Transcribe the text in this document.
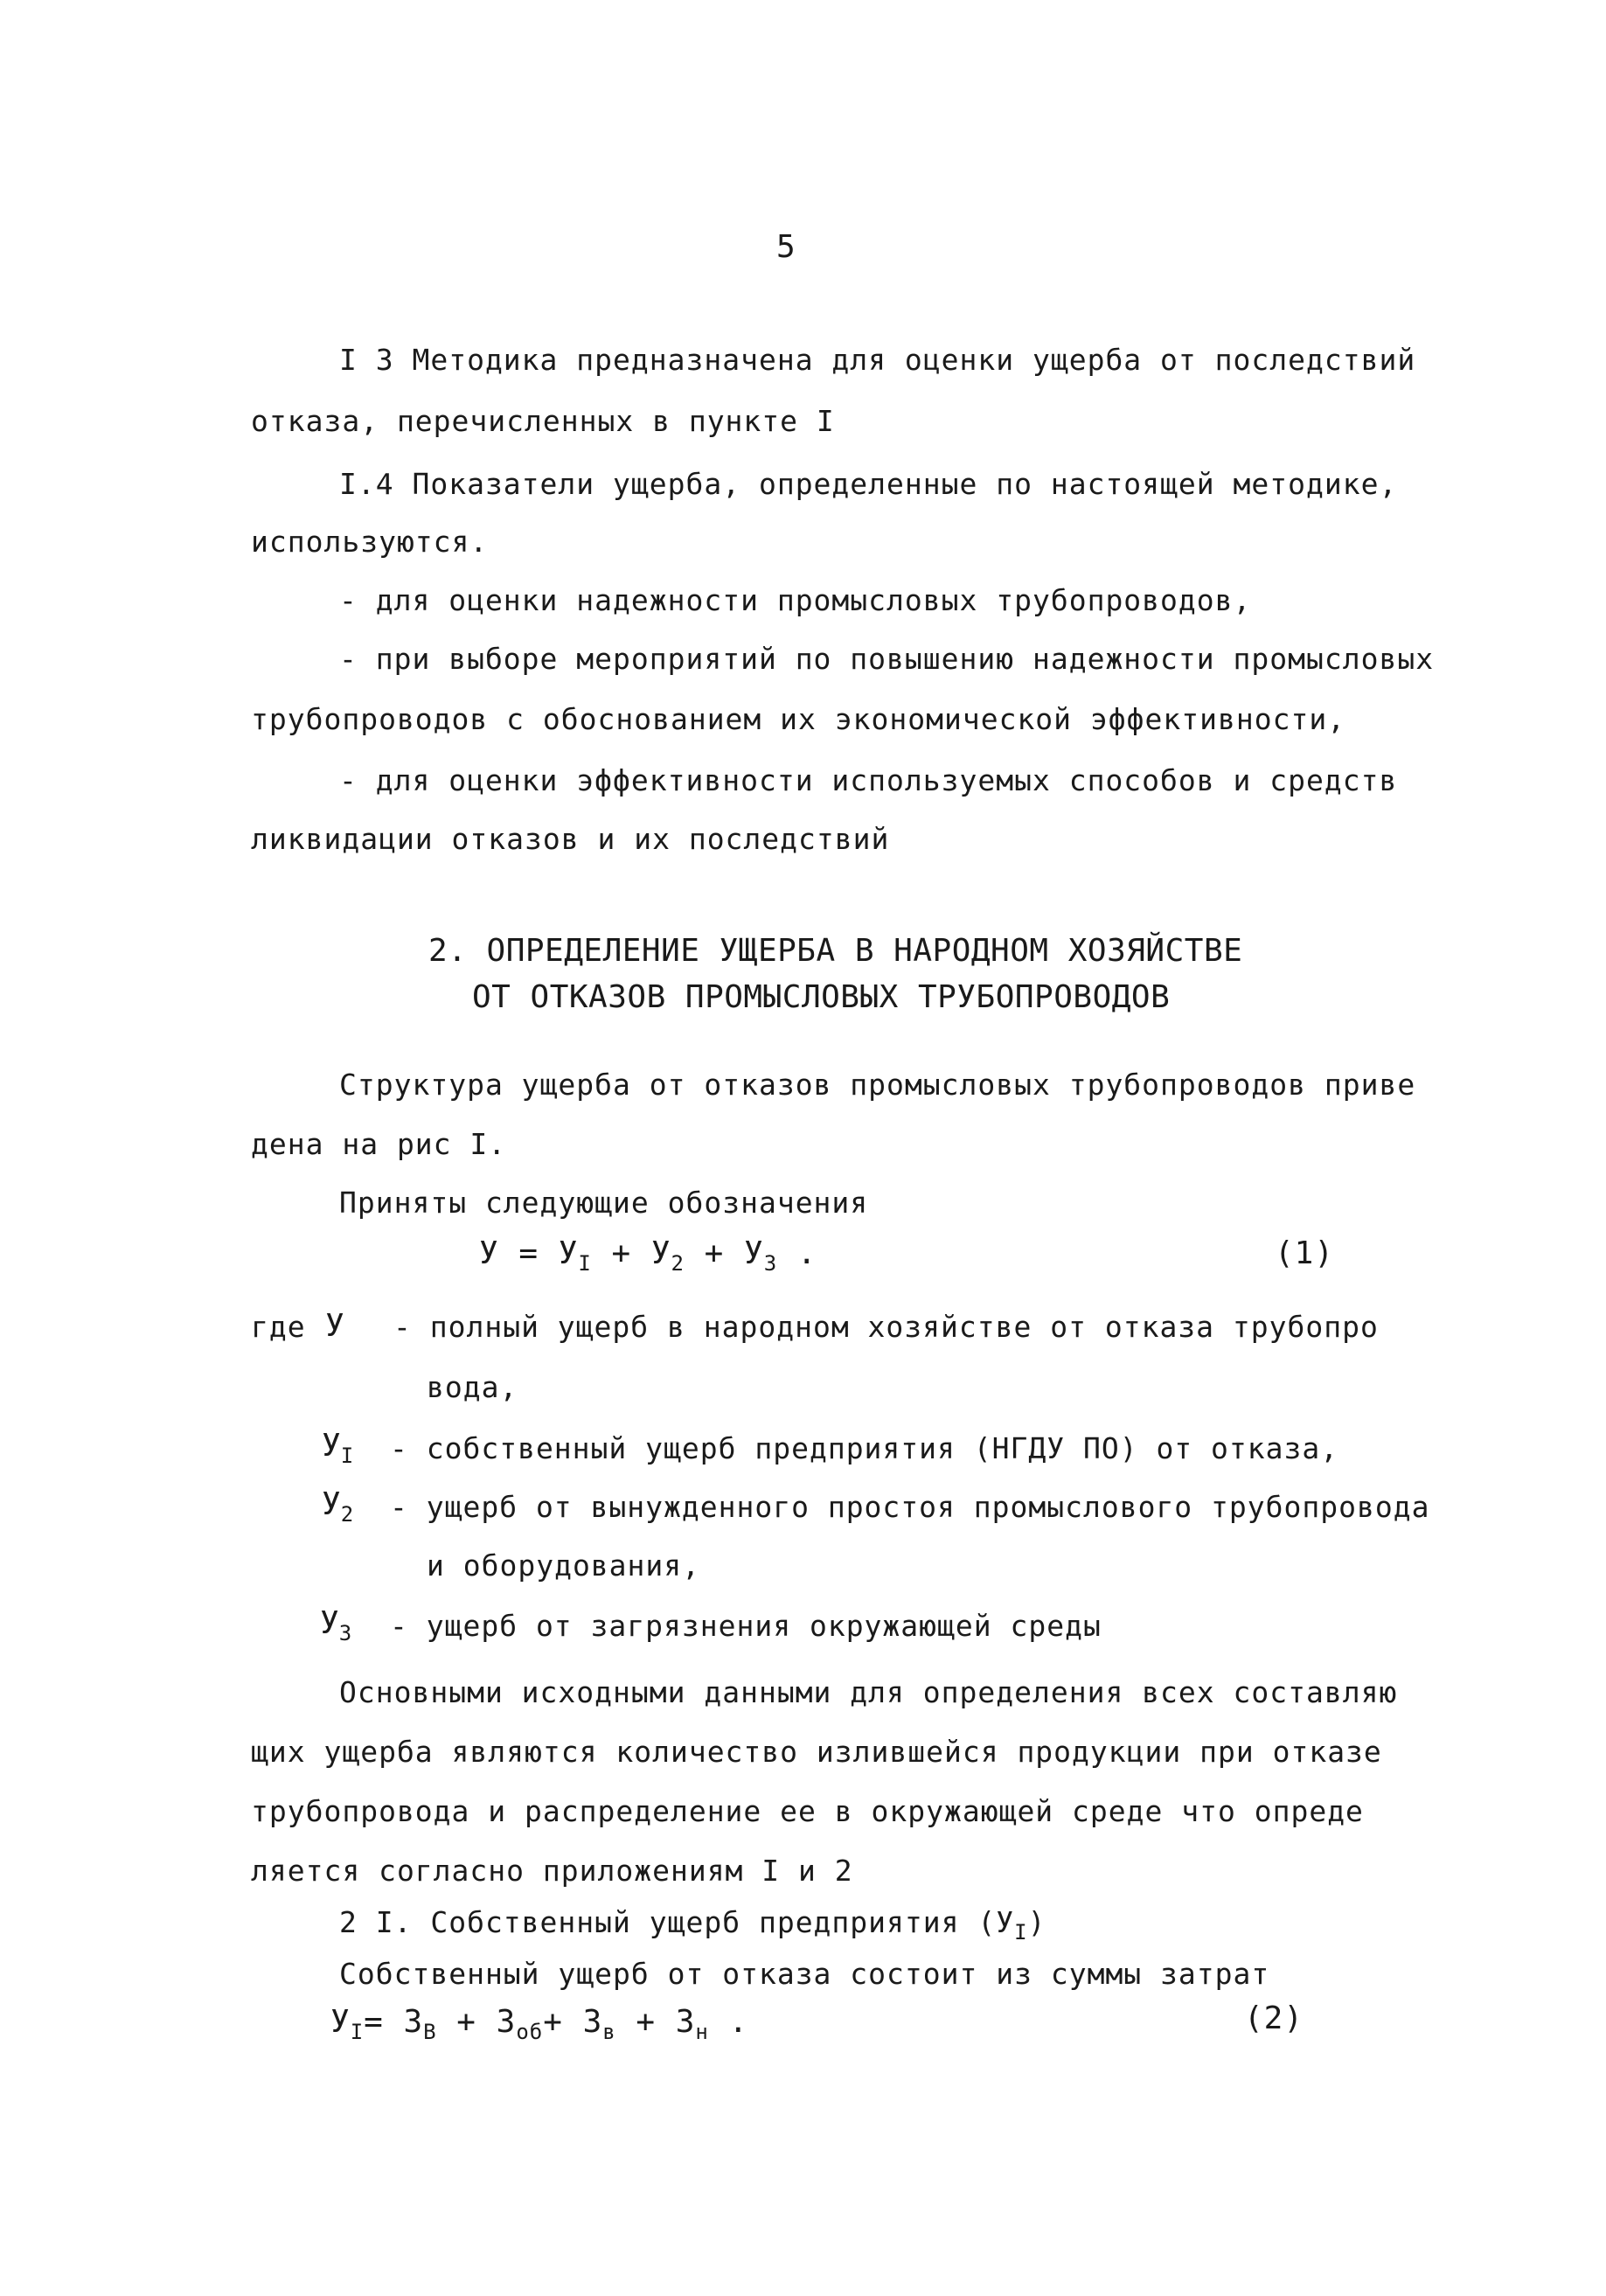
5
I 3 Методика предназначена для оценки ущерба от последствий
отказа, перечисленных в пункте I
I.4 Показатели ущерба, определенные по настоящей методике,
используются.
- для оценки надежности промысловых трубопроводов,
- при выборе мероприятий по повышению надежности промысловых
трубопроводов с обоснованием их экономической эффективности,
- для оценки эффективности используемых способов и средств
ликвидации отказов и их последствий
2. ОПРЕДЕЛЕНИЕ УЩЕРБА В НАРОДНОМ ХОЗЯЙСТВЕ
ОТ ОТКАЗОВ ПРОМЫСЛОВЫХ ТРУБОПРОВОДОВ
Структура ущерба от отказов промысловых трубопроводов приве
дена на рис I.
Приняты следующие обозначения
$У = У_I + У_2 + У_3$ .	(1)
где У - полный ущерб в народном хозяйстве от отказа трубопро
вода,
$У_I$ - собственный ущерб предприятия (НГДУ ПО) от отказа,
$У_2$ - ущерб от вынужденного простоя промыслового трубопровода
и оборудования,
$У_3$ - ущерб от загрязнения окружающей среды
Основными исходными данными для определения всех составляю
щих ущерба являются количество излившейся продукции при отказе
трубопровода и распределение ее в окружающей среде что опреде
ляется согласно приложениям I и 2
2 I. Собственный ущерб предприятия $(У_I)$
Собственный ущерб от отказа состоит из суммы затрат
$У_I= З_В + З_{об}+ З_в + З_н$ .	(2)
